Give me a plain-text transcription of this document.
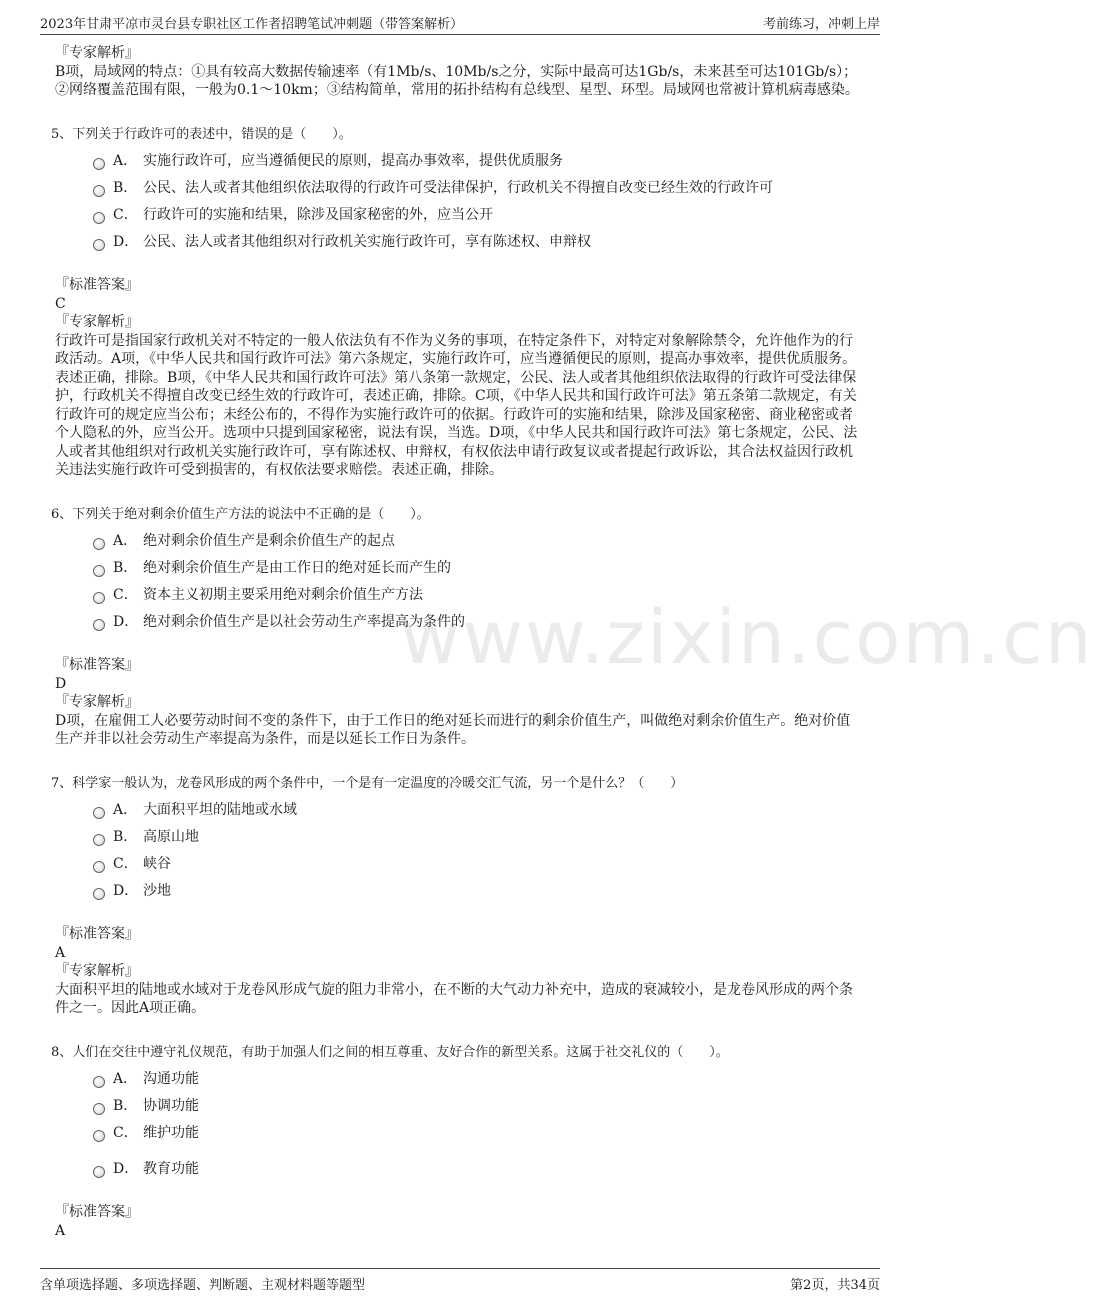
2023年甘肃平凉市灵台县专职社区工作者招聘笔试冲刺题（带答案解析）	考前练习，冲刺上岸
www.zixin.com.cn

『专家解析』

B项，局域网的特点：①具有较高大数据传输速率（有1Mb/s、10Mb/s之分，实际中最高可达1Gb/s，未来甚至可达101Gb/s）；②网络覆盖范围有限，一般为0.1～10km；③结构简单，常用的拓扑结构有总线型、星型、环型。局域网也常被计算机病毒感染。

5、下列关于行政许可的表述中，错误的是（　　）。

A． 实施行政许可，应当遵循便民的原则，提高办事效率，提供优质服务
B． 公民、法人或者其他组织依法取得的行政许可受法律保护，行政机关不得擅自改变已经生效的行政许可
C． 行政许可的实施和结果，除涉及国家秘密的外，应当公开
D． 公民、法人或者其他组织对行政机关实施行政许可，享有陈述权、申辩权

『标准答案』

C

『专家解析』

行政许可是指国家行政机关对不特定的一般人依法负有不作为义务的事项，在特定条件下，对特定对象解除禁令，允许他作为的行政活动。A项，《中华人民共和国行政许可法》第六条规定，实施行政许可，应当遵循便民的原则，提高办事效率，提供优质服务。表述正确，排除。B项，《中华人民共和国行政许可法》第八条第一款规定，公民、法人或者其他组织依法取得的行政许可受法律保护，行政机关不得擅自改变已经生效的行政许可，表述正确，排除。C项，《中华人民共和国行政许可法》第五条第二款规定，有关行政许可的规定应当公布；未经公布的，不得作为实施行政许可的依据。行政许可的实施和结果，除涉及国家秘密、商业秘密或者个人隐私的外，应当公开。选项中只提到国家秘密，说法有误，当选。D项，《中华人民共和国行政许可法》第七条规定，公民、法人或者其他组织对行政机关实施行政许可，享有陈述权、申辩权，有权依法申请行政复议或者提起行政诉讼，其合法权益因行政机关违法实施行政许可受到损害的，有权依法要求赔偿。表述正确，排除。

6、下列关于绝对剩余价值生产方法的说法中不正确的是（　　）。

A． 绝对剩余价值生产是剩余价值生产的起点
B． 绝对剩余价值生产是由工作日的绝对延长而产生的
C． 资本主义初期主要采用绝对剩余价值生产方法
D． 绝对剩余价值生产是以社会劳动生产率提高为条件的

『标准答案』

D

『专家解析』

D项，在雇佣工人必要劳动时间不变的条件下，由于工作日的绝对延长而进行的剩余价值生产，叫做绝对剩余价值生产。绝对价值生产并非以社会劳动生产率提高为条件，而是以延长工作日为条件。

7、科学家一般认为，龙卷风形成的两个条件中，一个是有一定温度的冷暖交汇气流，另一个是什么？（　　）

A． 大面积平坦的陆地或水域
B． 高原山地
C． 峡谷
D． 沙地

『标准答案』

A

『专家解析』

大面积平坦的陆地或水域对于龙卷风形成气旋的阻力非常小，在不断的大气动力补充中，造成的衰减较小，是龙卷风形成的两个条件之一。因此A项正确。

8、人们在交往中遵守礼仪规范，有助于加强人们之间的相互尊重、友好合作的新型关系。这属于社交礼仪的（　　）。

A． 沟通功能
B． 协调功能
C． 维护功能
D． 教育功能

『标准答案』

A

含单项选择题、多项选择题、判断题、主观材料题等题型	第2页，共34页
